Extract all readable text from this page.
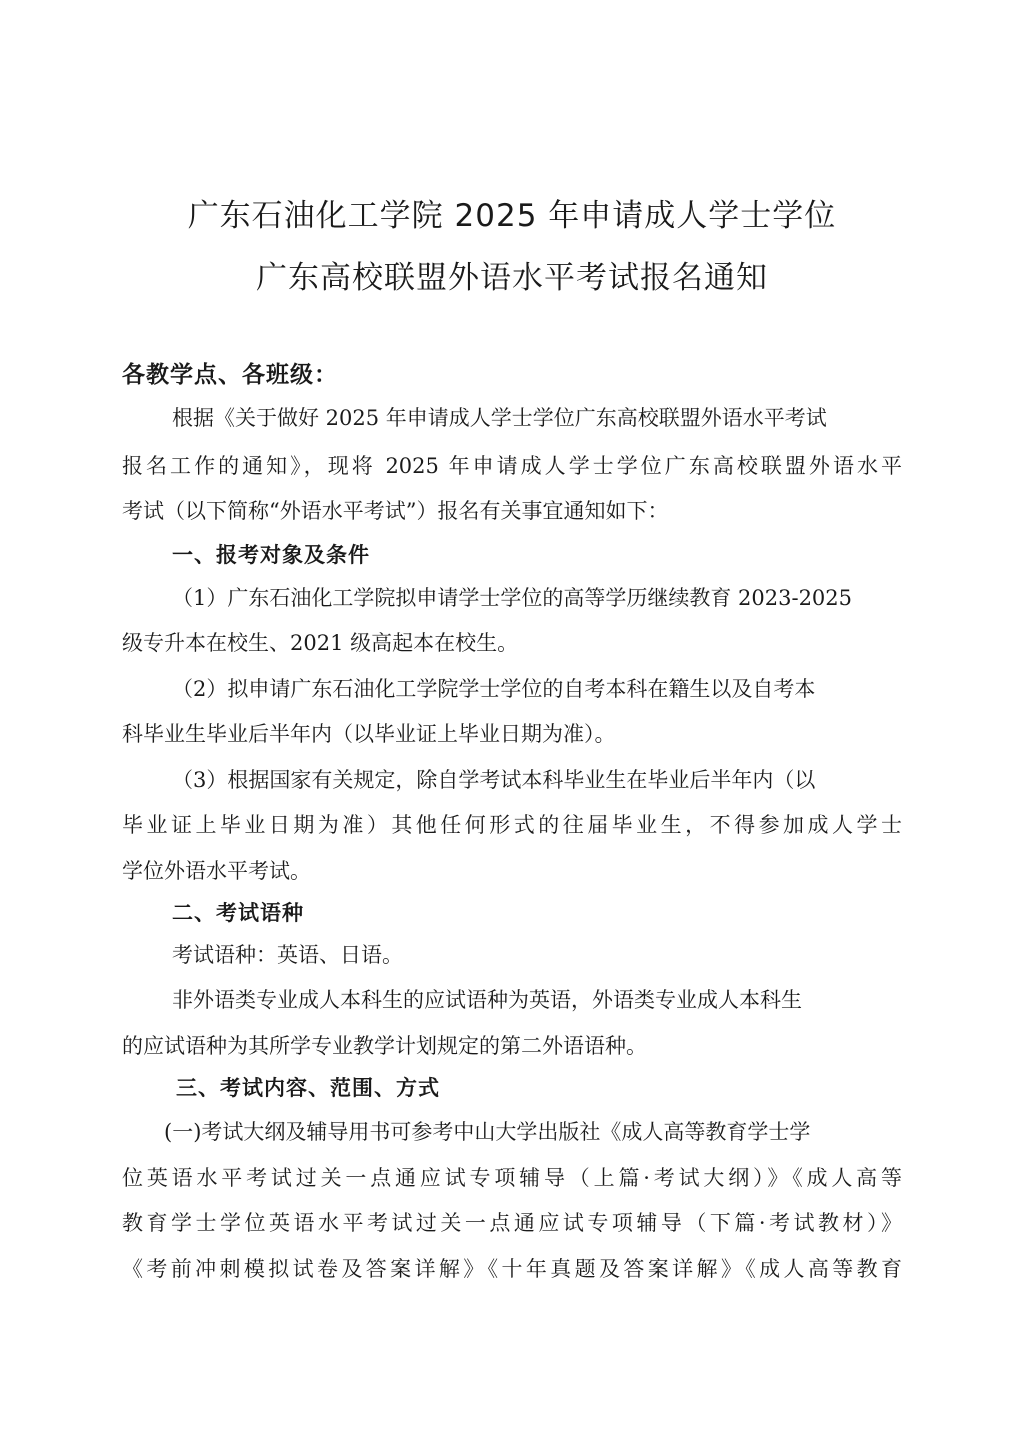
广东石油化工学院 2025 年申请成人学士学位
广东高校联盟外语水平考试报名通知
各教学点、各班级：
根据《关于做好 2025 年申请成人学士学位广东高校联盟外语水平考试
报名工作的通知》，现将 2025 年申请成人学士学位广东高校联盟外语水平
考试（以下简称“外语水平考试”）报名有关事宜通知如下：
一、报考对象及条件
（1）广东石油化工学院拟申请学士学位的高等学历继续教育 2023-2025
级专升本在校生、2021 级高起本在校生。
（2）拟申请广东石油化工学院学士学位的自考本科在籍生以及自考本
科毕业生毕业后半年内（以毕业证上毕业日期为准）。
（3）根据国家有关规定，除自学考试本科毕业生在毕业后半年内（以
毕业证上毕业日期为准）其他任何形式的往届毕业生，不得参加成人学士
学位外语水平考试。
二、考试语种
考试语种：英语、日语。
非外语类专业成人本科生的应试语种为英语，外语类专业成人本科生
的应试语种为其所学专业教学计划规定的第二外语语种。
三、考试内容、范围、方式
(一)考试大纲及辅导用书可参考中山大学出版社《成人高等教育学士学
位英语水平考试过关一点通应试专项辅导（上篇·考试大纲）》《成人高等
教育学士学位英语水平考试过关一点通应试专项辅导（下篇·考试教材）》
《考前冲刺模拟试卷及答案详解》《十年真题及答案详解》《成人高等教育
